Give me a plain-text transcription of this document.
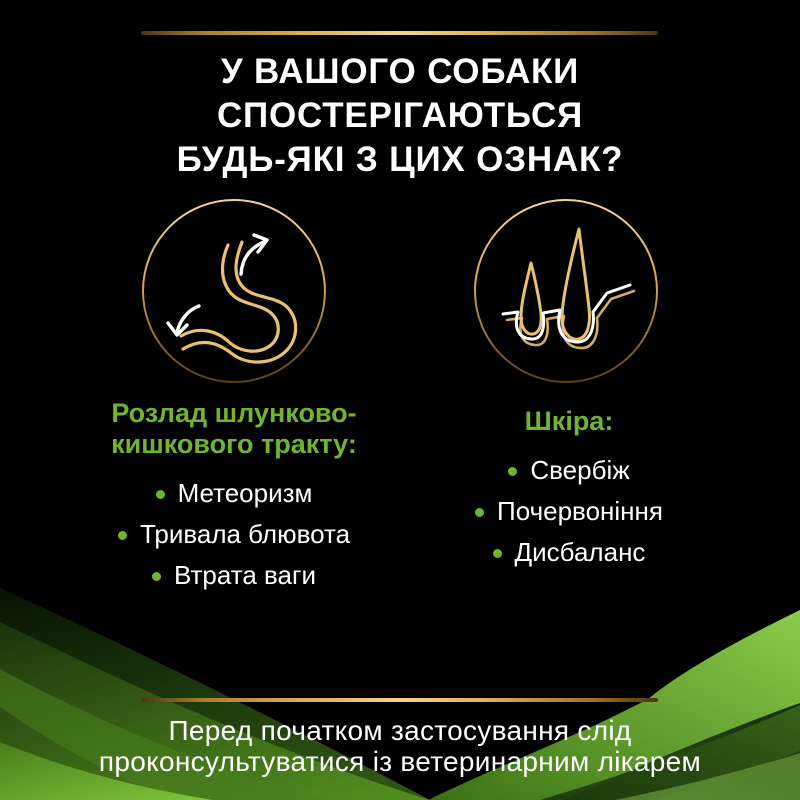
У ВАШОГО СОБАКИ
СПОСТЕРІГАЮТЬСЯ
БУДЬ-ЯКІ З ЦИХ ОЗНАК?
Розлад шлунково-
кишкового тракту:
Метеоризм
Тривала блювота
Втрата ваги
Шкіра:
Свербіж
Почервоніння
Дисбаланс

Перед початком застосування слід
проконсультуватися із ветеринарним лікарем
